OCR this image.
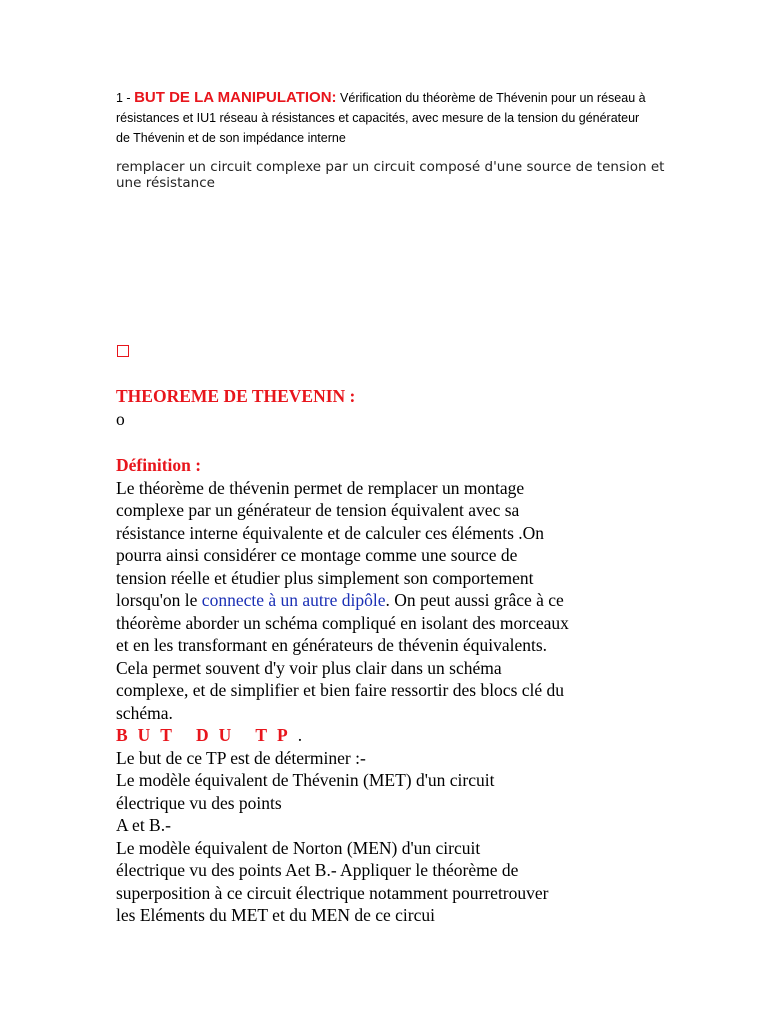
1 - BUT DE LA MANIPULATION: Vérification du théorème de Thévenin pour un réseau à résistances et IU1 réseau à résistances et capacités, avec mesure de la tension du générateur de Thévenin et de son impédance interne
remplacer un circuit complexe par un circuit composé d'une source de tension et une résistance
THEOREME DE THEVENIN :
o
Définition :
Le théorème de thévenin permet de remplacer un montage
complexe par un générateur de tension équivalent avec sa
résistance interne équivalente et de calculer ces éléments .On
pourra ainsi considérer ce montage comme une source de
tension réelle et étudier plus simplement son comportement
lorsqu'on le connecte à un autre dipôle. On peut aussi grâce à ce
théorème aborder un schéma compliqué en isolant des morceaux
et en les transformant en générateurs de thévenin équivalents.
Cela permet souvent d'y voir plus clair dans un schéma
complexe, et de simplifier et bien faire ressortir des blocs clé du
schéma.
BUT DU TP.
Le but de ce TP est de déterminer :-
Le modèle équivalent de Thévenin (MET) d'un circuit
électrique vu des points
A et B.-
Le modèle équivalent de Norton (MEN) d'un circuit
électrique vu des points Aet B.- Appliquer le théorème de
superposition à ce circuit électrique notamment pourretrouver
les Eléments du MET et du MEN de ce circui
